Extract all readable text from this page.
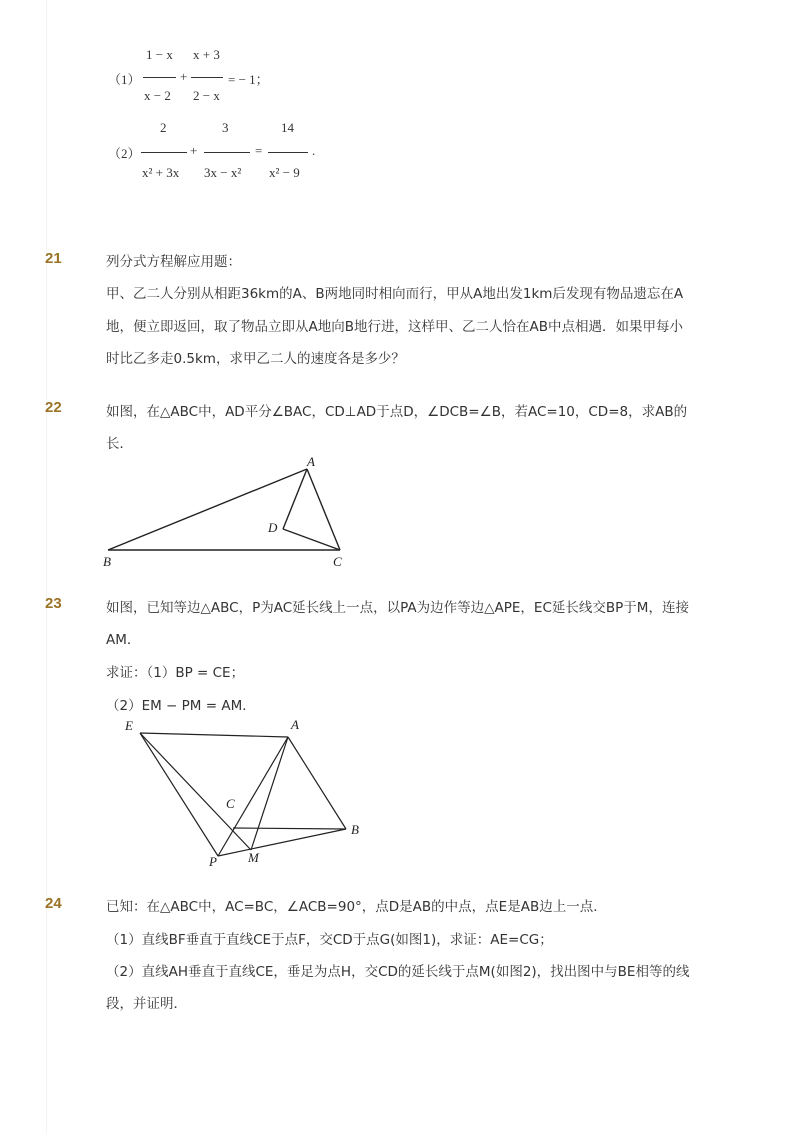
（1）
1 − x
x − 2
+
x + 3
2 − x
= − 1；
（2）
2
x² + 3x
+
3
3x − x²
=
14
x² − 9
.
21	列分式方程解应用题：
甲、乙二人分别从相距36km的A、B两地同时相向而行，甲从A地出发1km后发现有物品遗忘在A
地，便立即返回，取了物品立即从A地向B地行进，这样甲、乙二人恰在AB中点相遇．如果甲每小
时比乙多走0.5km，求甲乙二人的速度各是多少？
22	如图，在△ABC中，AD平分∠BAC，CD⊥AD于点D，∠DCB=∠B，若AC=10，CD=8，求AB的
长．
A
B	C
D
23	如图，已知等边△ABC，P为AC延长线上一点，以PA为边作等边△APE，EC延长线交BP于M，连接
AM．
求证：（1）BP = CE；
（2）EM − PM = AM．
E	A
C
B
P M
24	已知：在△ABC中，AC=BC，∠ACB=90°，点D是AB的中点，点E是AB边上一点．
（1）直线BF垂直于直线CE于点F，交CD于点G(如图1)，求证：AE=CG；
（2）直线AH垂直于直线CE，垂足为点H，交CD的延长线于点M(如图2)，找出图中与BE相等的线
段，并证明．
